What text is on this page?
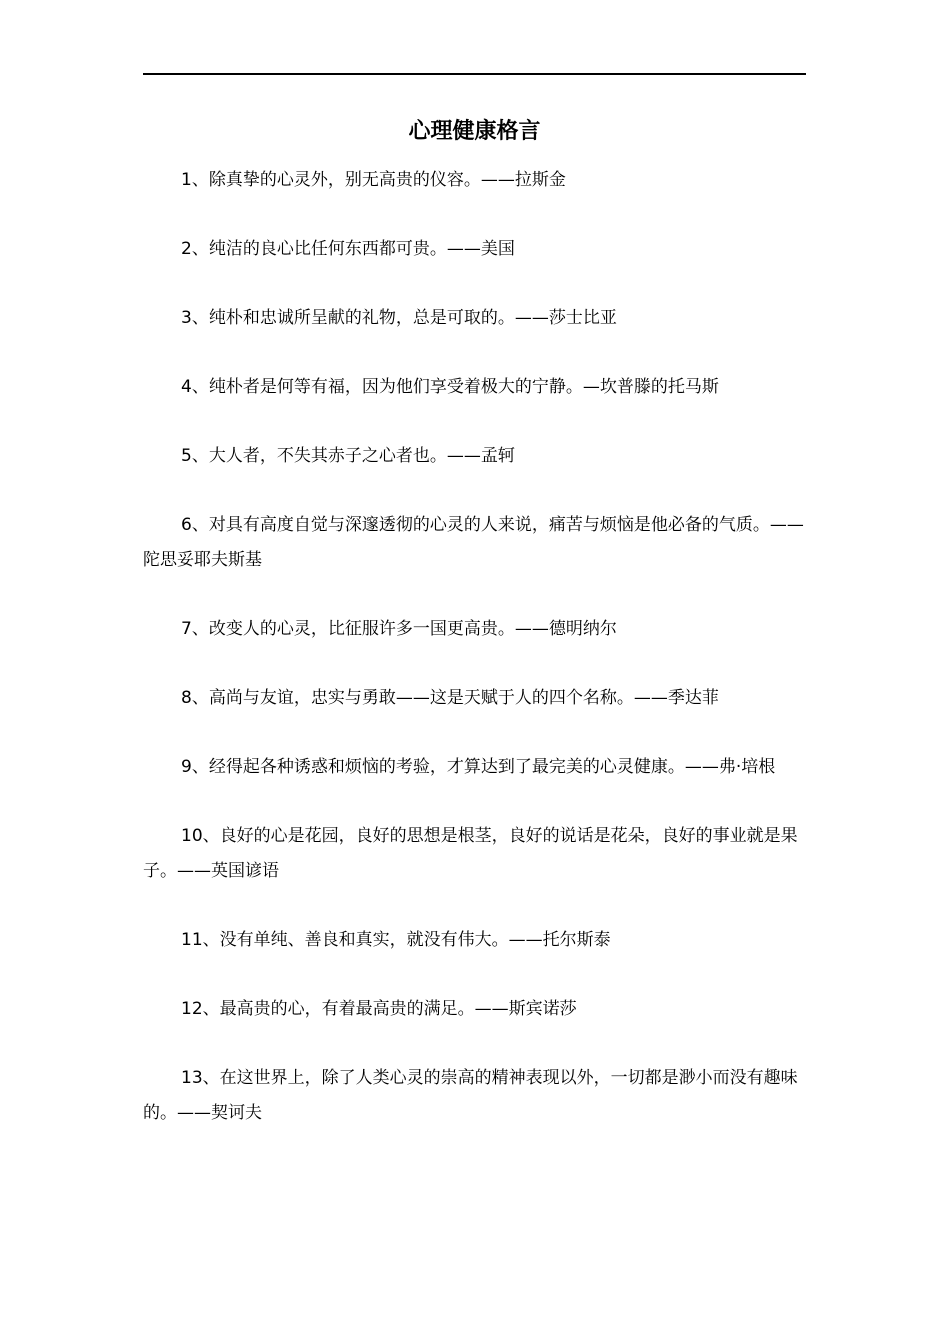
心理健康格言
1、除真挚的心灵外，别无高贵的仪容。——拉斯金
2、纯洁的良心比任何东西都可贵。——美国
3、纯朴和忠诚所呈献的礼物，总是可取的。——莎士比亚
4、纯朴者是何等有福，因为他们享受着极大的宁静。—坎普滕的托马斯
5、大人者，不失其赤子之心者也。——孟轲
6、对具有高度自觉与深邃透彻的心灵的人来说，痛苦与烦恼是他必备的气质。——陀思妥耶夫斯基
7、改变人的心灵，比征服许多一国更高贵。——德明纳尔
8、高尚与友谊，忠实与勇敢——这是天赋于人的四个名称。——季达菲
9、经得起各种诱惑和烦恼的考验，才算达到了最完美的心灵健康。——弗·培根
10、良好的心是花园，良好的思想是根茎，良好的说话是花朵，良好的事业就是果子。——英国谚语
11、没有单纯、善良和真实，就没有伟大。——托尔斯泰
12、最高贵的心，有着最高贵的满足。——斯宾诺莎
13、在这世界上，除了人类心灵的崇高的精神表现以外，一切都是渺小而没有趣味的。——契诃夫
